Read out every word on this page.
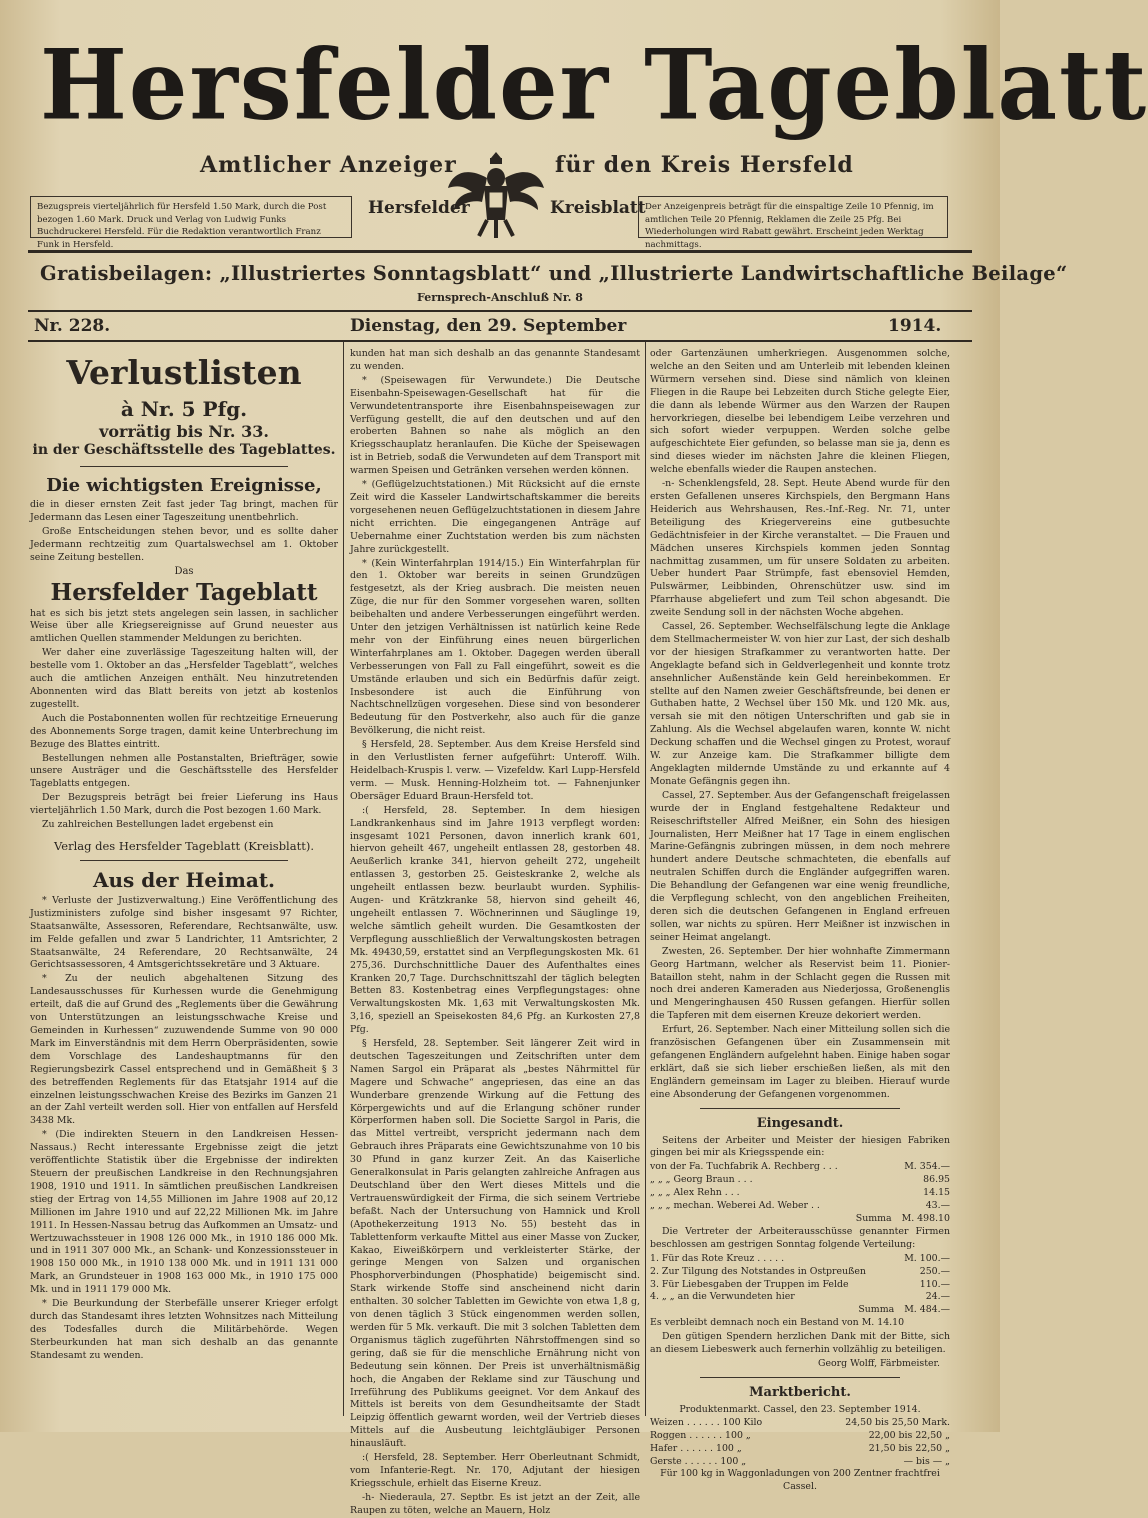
Hersfelder Tageblatt
Amtlicher Anzeiger	für den Kreis Hersfeld
Hersfelder	Kreisblatt
Bezugspreis vierteljährlich für Hersfeld 1.50 Mark, durch die Post bezogen 1.60 Mark. Druck und Verlag von Ludwig Funks Buchdruckerei Hersfeld. Für die Redaktion verantwortlich Franz Funk in Hersfeld.
Der Anzeigenpreis beträgt für die einspaltige Zeile 10 Pfennig, im amtlichen Teile 20 Pfennig, Reklamen die Zeile 25 Pfg. Bei Wiederholungen wird Rabatt gewährt. Erscheint jeden Werktag nachmittags.
Gratisbeilagen: „Illustriertes Sonntagsblatt“ und „Illustrierte Landwirtschaftliche Beilage“
Fernsprech-Anschluß Nr. 8
Nr. 228.	Dienstag, den 29. September	1914.
Verlustlisten
à Nr. 5 Pfg.
vorrätig bis Nr. 33.
in der Geschäftsstelle des Tageblattes.
Die wichtigsten Ereignisse,

die in dieser ernsten Zeit fast jeder Tag bringt, machen für Jedermann das Lesen einer Tageszeitung unentbehrlich.

Große Entscheidungen stehen bevor, und es sollte daher Jedermann rechtzeitig zum Quartalswechsel am 1. Oktober seine Zeitung bestellen.

Das
Hersfelder Tageblatt

hat es sich bis jetzt stets angelegen sein lassen, in sachlicher Weise über alle Kriegsereignisse auf Grund neuester aus amtlichen Quellen stammender Meldungen zu berichten.

Wer daher eine zuverlässige Tageszeitung halten will, der bestelle vom 1. Oktober an das „Hersfelder Tageblatt“, welches auch die amtlichen Anzeigen enthält. Neu hinzutretenden Abonnenten wird das Blatt bereits von jetzt ab kostenlos zugestellt.

Auch die Postabonnenten wollen für rechtzeitige Erneuerung des Abonnements Sorge tragen, damit keine Unterbrechung im Bezuge des Blattes eintritt.

Bestellungen nehmen alle Postanstalten, Briefträger, sowie unsere Austräger und die Geschäftsstelle des Hersfelder Tageblatts entgegen.

Der Bezugspreis beträgt bei freier Lieferung ins Haus vierteljährlich 1.50 Mark, durch die Post bezogen 1.60 Mark.

Zu zahlreichen Bestellungen ladet ergebenst ein

Verlag des Hersfelder Tageblatt (Kreisblatt).
Aus der Heimat.

* Verluste der Justizverwaltung.) Eine Veröffentlichung des Justizministers zufolge sind bisher insgesamt 97 Richter, Staatsanwälte, Assessoren, Referendare, Rechtsanwälte, usw. im Felde gefallen und zwar 5 Landrichter, 11 Amtsrichter, 2 Staatsanwälte, 24 Referendare, 20 Rechtsanwälte, 24 Gerichtsassessoren, 4 Amtsgerichtssekretäre und 3 Aktuare.

* Zu der neulich abgehaltenen Sitzung des Landesausschusses für Kurhessen wurde die Genehmigung erteilt, daß die auf Grund des „Reglements über die Gewährung von Unterstützungen an leistungsschwache Kreise und Gemeinden in Kurhessen“ zuzuwendende Summe von 90 000 Mark im Einverständnis mit dem Herrn Oberpräsidenten, sowie dem Vorschlage des Landeshauptmanns für den Regierungsbezirk Cassel entsprechend und in Gemäßheit § 3 des betreffenden Reglements für das Etatsjahr 1914 auf die einzelnen leistungsschwachen Kreise des Bezirks im Ganzen 21 an der Zahl verteilt werden soll. Hier von entfallen auf Hersfeld 3438 Mk.

* (Die indirekten Steuern in den Landkreisen Hessen-Nassaus.) Recht interessante Ergebnisse zeigt die jetzt veröffentlichte Statistik über die Ergebnisse der indirekten Steuern der preußischen Landkreise in den Rechnungsjahren 1908, 1910 und 1911. In sämtlichen preußischen Landkreisen stieg der Ertrag von 14,55 Millionen im Jahre 1908 auf 20,12 Millionen im Jahre 1910 und auf 22,22 Millionen Mk. im Jahre 1911. In Hessen-Nassau betrug das Aufkommen an Umsatz- und Wertzuwachssteuer in 1908 126 000 Mk., in 1910 186 000 Mk. und in 1911 307 000 Mk., an Schank- und Konzessionssteuer in 1908 150 000 Mk., in 1910 138 000 Mk. und in 1911 131 000 Mark, an Grundsteuer in 1908 163 000 Mk., in 1910 175 000 Mk. und in 1911 179 000 Mk.

* Die Beurkundung der Sterbefälle unserer Krieger erfolgt durch das Standesamt ihres letzten Wohnsitzes nach Mitteilung des Todesfalles durch die Militärbehörde. Wegen Sterbeurkunden hat man sich deshalb an das genannte Standesamt zu wenden.

kunden hat man sich deshalb an das genannte Standesamt zu wenden.

* (Speisewagen für Verwundete.) Die Deutsche Eisenbahn-Speisewagen-Gesellschaft hat für die Verwundetentransporte ihre Eisenbahnspeisewagen zur Verfügung gestellt, die auf den deutschen und auf den eroberten Bahnen so nahe als möglich an den Kriegsschauplatz heranlaufen. Die Küche der Speisewagen ist in Betrieb, sodaß die Verwundeten auf dem Transport mit warmen Speisen und Getränken versehen werden können.

* (Geflügelzuchtstationen.) Mit Rücksicht auf die ernste Zeit wird die Kasseler Landwirtschaftskammer die bereits vorgesehenen neuen Geflügelzuchtstationen in diesem Jahre nicht errichten. Die eingegangenen Anträge auf Uebernahme einer Zuchtstation werden bis zum nächsten Jahre zurückgestellt.

* (Kein Winterfahrplan 1914/15.) Ein Winterfahrplan für den 1. Oktober war bereits in seinen Grundzügen festgesetzt, als der Krieg ausbrach. Die meisten neuen Züge, die nur für den Sommer vorgesehen waren, sollten beibehalten und andere Verbesserungen eingeführt werden. Unter den jetzigen Verhältnissen ist natürlich keine Rede mehr von der Einführung eines neuen bürgerlichen Winterfahrplanes am 1. Oktober. Dagegen werden überall Verbesserungen von Fall zu Fall eingeführt, soweit es die Umstände erlauben und sich ein Bedürfnis dafür zeigt. Insbesondere ist auch die Einführung von Nachtschnellzügen vorgesehen. Diese sind von besonderer Bedeutung für den Postverkehr, also auch für die ganze Bevölkerung, die nicht reist.

§ Hersfeld, 28. September. Aus dem Kreise Hersfeld sind in den Verlustlisten ferner aufgeführt: Unteroff. Wilh. Heidelbach-Kruspis l. verw. — Vizefeldw. Karl Lupp-Hersfeld verm. — Musk. Henning-Holzheim tot. — Fahnenjunker Obersäger Eduard Braun-Hersfeld tot.

:( Hersfeld, 28. September. In dem hiesigen Landkrankenhaus sind im Jahre 1913 verpflegt worden: insgesamt 1021 Personen, davon innerlich krank 601, hiervon geheilt 467, ungeheilt entlassen 28, gestorben 48. Aeußerlich kranke 341, hiervon geheilt 272, ungeheilt entlassen 3, gestorben 25. Geisteskranke 2, welche als ungeheilt entlassen bezw. beurlaubt wurden. Syphilis-Augen- und Krätzkranke 58, hiervon sind geheilt 46, ungeheilt entlassen 7. Wöchnerinnen und Säuglinge 19, welche sämtlich geheilt wurden. Die Gesamtkosten der Verpflegung ausschließlich der Verwaltungskosten betragen Mk. 49430,59, erstattet sind an Verpflegungskosten Mk. 61 275,36. Durchschnittliche Dauer des Aufenthaltes eines Kranken 20,7 Tage. Durchschnittszahl der täglich belegten Betten 83. Kostenbetrag eines Verpflegungstages: ohne Verwaltungskosten Mk. 1,63 mit Verwaltungskosten Mk. 3,16, speziell an Speisekosten 84,6 Pfg. an Kurkosten 27,8 Pfg.

§ Hersfeld, 28. September. Seit längerer Zeit wird in deutschen Tageszeitungen und Zeitschriften unter dem Namen Sargol ein Präparat als „bestes Nährmittel für Magere und Schwache“ angepriesen, das eine an das Wunderbare grenzende Wirkung auf die Fettung des Körpergewichts und auf die Erlangung schöner runder Körperformen haben soll. Die Societte Sargol in Paris, die das Mittel vertreibt, verspricht jedermann nach dem Gebrauch ihres Präparats eine Gewichtszunahme von 10 bis 30 Pfund in ganz kurzer Zeit. An das Kaiserliche Generalkonsulat in Paris gelangten zahlreiche Anfragen aus Deutschland über den Wert dieses Mittels und die Vertrauenswürdigkeit der Firma, die sich seinem Vertriebe befaßt. Nach der Untersuchung von Hamnick und Kroll (Apothekerzeitung 1913 No. 55) besteht das in Tablettenform verkaufte Mittel aus einer Masse von Zucker, Kakao, Eiweißkörpern und verkleisterter Stärke, der geringe Mengen von Salzen und organischen Phosphorverbindungen (Phosphatide) beigemischt sind. Stark wirkende Stoffe sind anscheinend nicht darin enthalten. 30 solcher Tabletten im Gewichte von etwa 1,8 g, von denen täglich 3 Stück eingenommen werden sollen, werden für 5 Mk. verkauft. Die mit 3 solchen Tabletten dem Organismus täglich zugeführten Nährstoffmengen sind so gering, daß sie für die menschliche Ernährung nicht von Bedeutung sein können. Der Preis ist unverhältnismäßig hoch, die Angaben der Reklame sind zur Täuschung und Irreführung des Publikums geeignet. Vor dem Ankauf des Mittels ist bereits von dem Gesundheitsamte der Stadt Leipzig öffentlich gewarnt worden, weil der Vertrieb dieses Mittels auf die Ausbeutung leichtgläubiger Personen hinausläuft.

:( Hersfeld, 28. September. Herr Oberleutnant Schmidt, vom Infanterie-Regt. Nr. 170, Adjutant der hiesigen Kriegsschule, erhielt das Eiserne Kreuz.

-h- Niederaula, 27. Septbr. Es ist jetzt an der Zeit, alle Raupen zu töten, welche an Mauern, Holz

oder Gartenzäunen umherkriegen. Ausgenommen solche, welche an den Seiten und am Unterleib mit lebenden kleinen Würmern versehen sind. Diese sind nämlich von kleinen Fliegen in die Raupe bei Lebzeiten durch Stiche gelegte Eier, die dann als lebende Würmer aus den Warzen der Raupen hervorkriegen, dieselbe bei lebendigem Leibe verzehren und sich sofort wieder verpuppen. Werden solche gelbe aufgeschichtete Eier gefunden, so belasse man sie ja, denn es sind dieses wieder im nächsten Jahre die kleinen Fliegen, welche ebenfalls wieder die Raupen anstechen.

-n- Schenklengsfeld, 28. Sept. Heute Abend wurde für den ersten Gefallenen unseres Kirchspiels, den Bergmann Hans Heiderich aus Wehrshausen, Res.-Inf.-Reg. Nr. 71, unter Beteiligung des Kriegervereins eine gutbesuchte Gedächtnisfeier in der Kirche veranstaltet. — Die Frauen und Mädchen unseres Kirchspiels kommen jeden Sonntag nachmittag zusammen, um für unsere Soldaten zu arbeiten. Ueber hundert Paar Strümpfe, fast ebensoviel Hemden, Pulswärmer, Leibbinden, Ohrenschützer usw. sind im Pfarrhause abgeliefert und zum Teil schon abgesandt. Die zweite Sendung soll in der nächsten Woche abgehen.

Cassel, 26. September. Wechselfälschung legte die Anklage dem Stellmachermeister W. von hier zur Last, der sich deshalb vor der hiesigen Strafkammer zu verantworten hatte. Der Angeklagte befand sich in Geldverlegenheit und konnte trotz ansehnlicher Außenstände kein Geld hereinbekommen. Er stellte auf den Namen zweier Geschäftsfreunde, bei denen er Guthaben hatte, 2 Wechsel über 150 Mk. und 120 Mk. aus, versah sie mit den nötigen Unterschriften und gab sie in Zahlung. Als die Wechsel abgelaufen waren, konnte W. nicht Deckung schaffen und die Wechsel gingen zu Protest, worauf W. zur Anzeige kam. Die Strafkammer billigte dem Angeklagten mildernde Umstände zu und erkannte auf 4 Monate Gefängnis gegen ihn.

Cassel, 27. September. Aus der Gefangenschaft freigelassen wurde der in England festgehaltene Redakteur und Reiseschriftsteller Alfred Meißner, ein Sohn des hiesigen Journalisten, Herr Meißner hat 17 Tage in einem englischen Marine-Gefängnis zubringen müssen, in dem noch mehrere hundert andere Deutsche schmachteten, die ebenfalls auf neutralen Schiffen durch die Engländer aufgegriffen waren. Die Behandlung der Gefangenen war eine wenig freundliche, die Verpflegung schlecht, von den angeblichen Freiheiten, deren sich die deutschen Gefangenen in England erfreuen sollen, war nichts zu spüren. Herr Meißner ist inzwischen in seiner Heimat angelangt.

Zwesten, 26. September. Der hier wohnhafte Zimmermann Georg Hartmann, welcher als Reservist beim 11. Pionier-Bataillon steht, nahm in der Schlacht gegen die Russen mit noch drei anderen Kameraden aus Niederjossa, Großenenglis und Mengeringhausen 450 Russen gefangen. Hierfür sollen die Tapferen mit dem eisernen Kreuze dekoriert werden.

Erfurt, 26. September. Nach einer Mitteilung sollen sich die französischen Gefangenen über ein Zusammensein mit gefangenen Engländern aufgelehnt haben. Einige haben sogar erklärt, daß sie sich lieber erschießen ließen, als mit den Engländern gemeinsam im Lager zu bleiben. Hierauf wurde eine Absonderung der Gefangenen vorgenommen.

Eingesandt.

Seitens der Arbeiter und Meister der hiesigen Fabriken gingen bei mir als Kriegsspende ein:

von der Fa. Tuchfabrik A. Rechberg . . .	M. 354.—
„ „ „ Georg Braun . . .	86.95
„ „ „ Alex Rehn . . .	14.15
„ „ „ mechan. Weberei Ad. Weber . .	43.—
Summa M. 498.10

Die Vertreter der Arbeiterausschüsse genannter Firmen beschlossen am gestrigen Sonntag folgende Verteilung:

1. Für das Rote Kreuz . . . . .	M. 100.—
2. Zur Tilgung des Notstandes in Ostpreußen	250.—
3. Für Liebesgaben der Truppen im Felde	110.—
4. „ „ an die Verwundeten hier	24.—
Summa M. 484.—

Es verbleibt demnach noch ein Bestand von M. 14.10

Den gütigen Spendern herzlichen Dank mit der Bitte, sich an diesem Liebeswerk auch fernerhin vollzählig zu beteiligen.

Georg Wolff, Färbmeister.
Marktbericht.
Produktenmarkt. Cassel, den 23. September 1914.
Weizen . . . . . . 100 Kilo	24,50 bis 25,50 Mark.
Roggen . . . . . . 100 „	22,00 bis 22,50 „
Hafer . . . . . . 100 „	21,50 bis 22,50 „
Gerste . . . . . . 100 „	— bis — „
Für 100 kg in Waggonladungen von 200 Zentner frachtfrei Cassel.
